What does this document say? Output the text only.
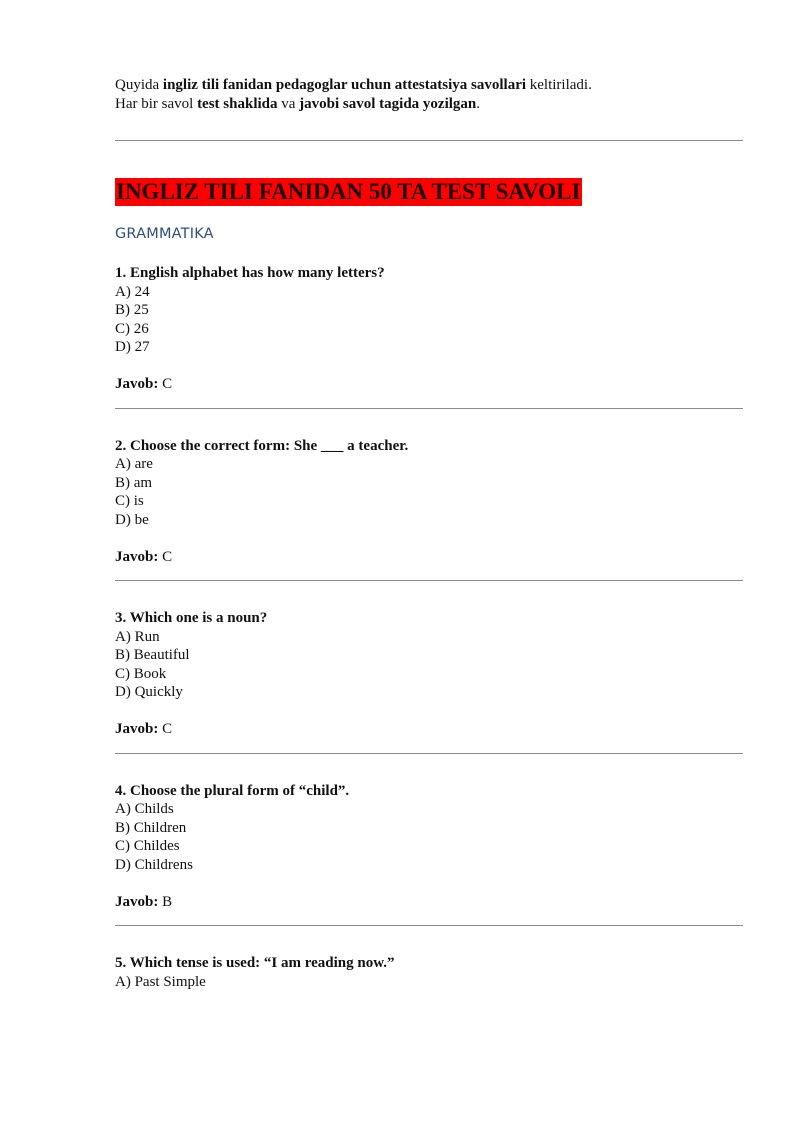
Quyida ingliz tili fanidan pedagoglar uchun attestatsiya savollari keltiriladi.

Har bir savol test shaklida va javobi savol tagida yozilgan.

INGLIZ TILI FANIDAN 50 TA TEST SAVOLI
GRAMMATIKA
1. English alphabet has how many letters?
A) 24
B) 25
C) 26
D) 27
Javob: C
2. Choose the correct form: She ___ a teacher.
A) are
B) am
C) is
D) be
Javob: C
3. Which one is a noun?
A) Run
B) Beautiful
C) Book
D) Quickly
Javob: C
4. Choose the plural form of “child”.
A) Childs
B) Children
C) Childes
D) Childrens
Javob: B
5. Which tense is used: “I am reading now.”
A) Past Simple
